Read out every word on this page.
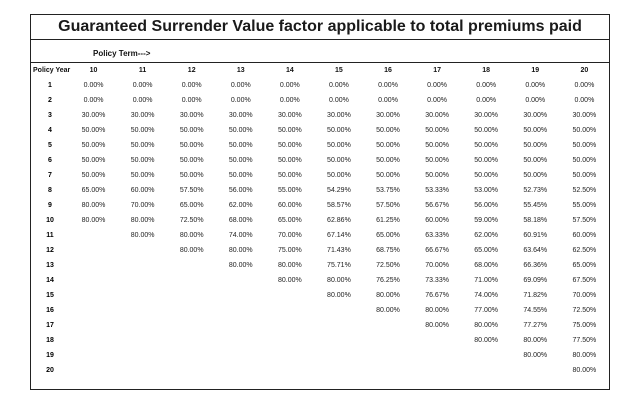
Guaranteed Surrender Value factor applicable to total premiums paid
Policy Term--->
Policy Year	10	11	12	13	14	15	16	17	18	19	20
1	0.00%	0.00%	0.00%	0.00%	0.00%	0.00%	0.00%	0.00%	0.00%	0.00%	0.00%
2	0.00%	0.00%	0.00%	0.00%	0.00%	0.00%	0.00%	0.00%	0.00%	0.00%	0.00%
3	30.00%	30.00%	30.00%	30.00%	30.00%	30.00%	30.00%	30.00%	30.00%	30.00%	30.00%
4	50.00%	50.00%	50.00%	50.00%	50.00%	50.00%	50.00%	50.00%	50.00%	50.00%	50.00%
5	50.00%	50.00%	50.00%	50.00%	50.00%	50.00%	50.00%	50.00%	50.00%	50.00%	50.00%
6	50.00%	50.00%	50.00%	50.00%	50.00%	50.00%	50.00%	50.00%	50.00%	50.00%	50.00%
7	50.00%	50.00%	50.00%	50.00%	50.00%	50.00%	50.00%	50.00%	50.00%	50.00%	50.00%
8	65.00%	60.00%	57.50%	56.00%	55.00%	54.29%	53.75%	53.33%	53.00%	52.73%	52.50%
9	80.00%	70.00%	65.00%	62.00%	60.00%	58.57%	57.50%	56.67%	56.00%	55.45%	55.00%
10	80.00%	80.00%	72.50%	68.00%	65.00%	62.86%	61.25%	60.00%	59.00%	58.18%	57.50%
11		80.00%	80.00%	74.00%	70.00%	67.14%	65.00%	63.33%	62.00%	60.91%	60.00%
12			80.00%	80.00%	75.00%	71.43%	68.75%	66.67%	65.00%	63.64%	62.50%
13				80.00%	80.00%	75.71%	72.50%	70.00%	68.00%	66.36%	65.00%
14					80.00%	80.00%	76.25%	73.33%	71.00%	69.09%	67.50%
15						80.00%	80.00%	76.67%	74.00%	71.82%	70.00%
16							80.00%	80.00%	77.00%	74.55%	72.50%
17								80.00%	80.00%	77.27%	75.00%
18									80.00%	80.00%	77.50%
19										80.00%	80.00%
20											80.00%
